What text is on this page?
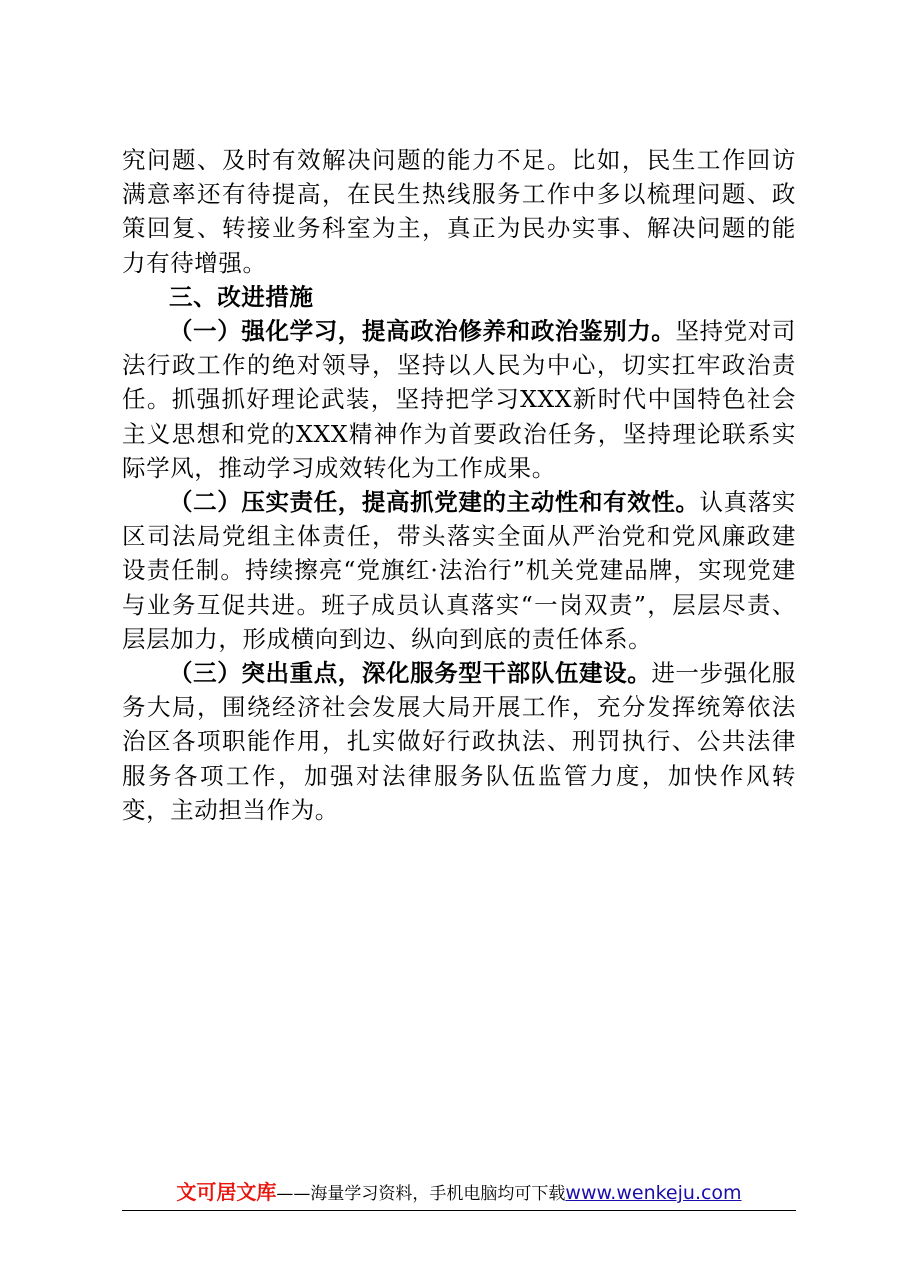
究问题、及时有效解决问题的能力不足。比如，民生工作回访满意率还有待提高，在民生热线服务工作中多以梳理问题、政策回复、转接业务科室为主，真正为民办实事、解决问题的能力有待增强。

三、改进措施

（一）强化学习，提高政治修养和政治鉴别力。坚持党对司法行政工作的绝对领导，坚持以人民为中心，切实扛牢政治责任。抓强抓好理论武装，坚持把学习XXX新时代中国特色社会主义思想和党的XXX精神作为首要政治任务，坚持理论联系实际学风，推动学习成效转化为工作成果。

（二）压实责任，提高抓党建的主动性和有效性。认真落实区司法局党组主体责任，带头落实全面从严治党和党风廉政建设责任制。持续擦亮“党旗红·法治行”机关党建品牌，实现党建与业务互促共进。班子成员认真落实“一岗双责”，层层尽责、层层加力，形成横向到边、纵向到底的责任体系。

（三）突出重点，深化服务型干部队伍建设。进一步强化服务大局，围绕经济社会发展大局开展工作，充分发挥统筹依法治区各项职能作用，扎实做好行政执法、刑罚执行、公共法律服务各项工作，加强对法律服务队伍监管力度，加快作风转变，主动担当作为。

文可居文库——海量学习资料，手机电脑均可下载www.wenkeju.com
